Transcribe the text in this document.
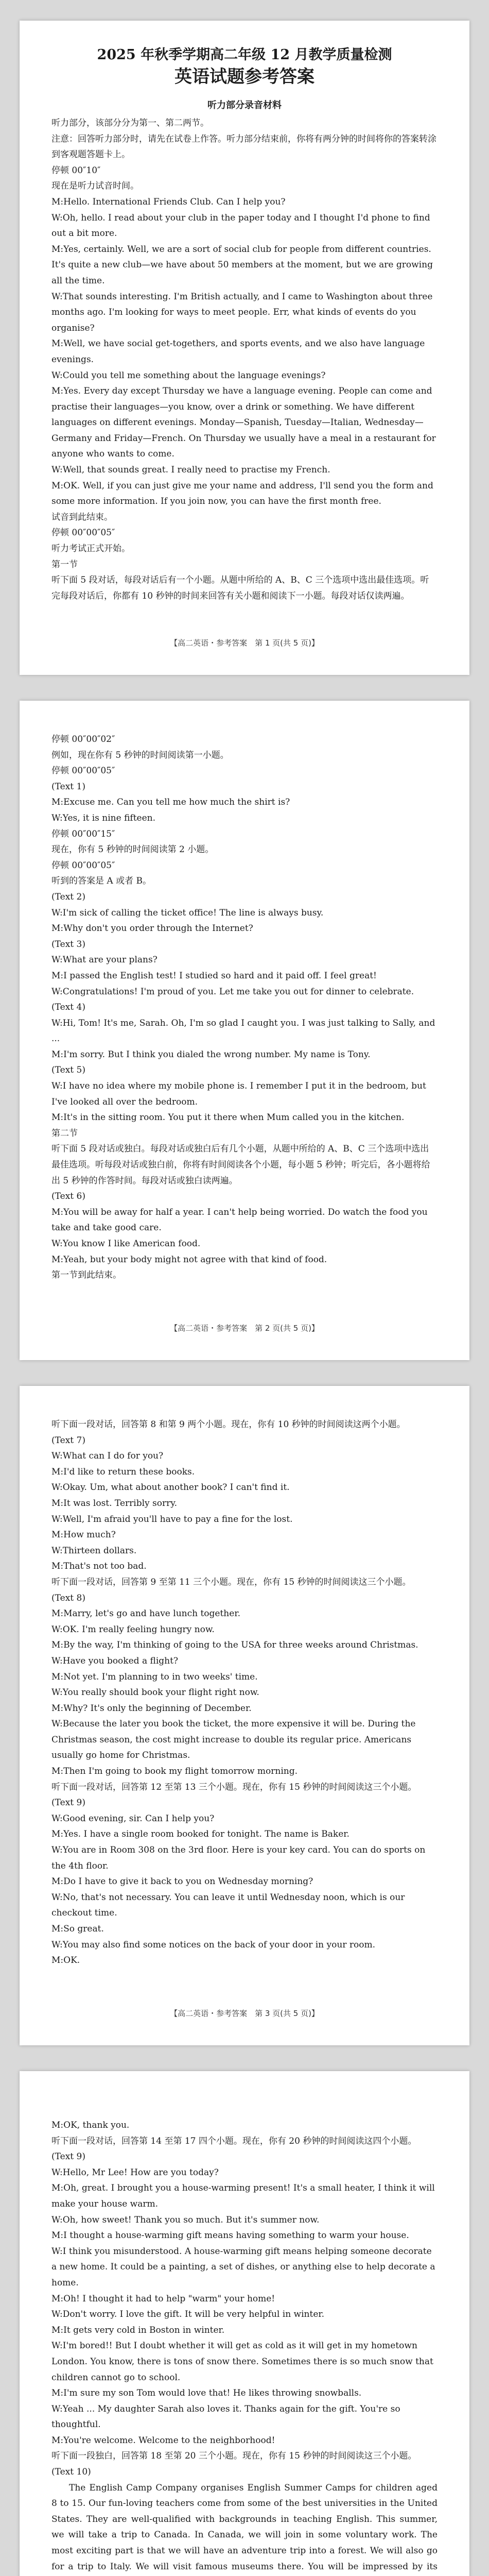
2025 年秋季学期高二年级 12 月教学质量检测
英语试题参考答案
听力部分录音材料

听力部分，该部分分为第一、第二两节。

注意：回答听力部分时，请先在试卷上作答。听力部分结束前，你将有两分钟的时间将你的答案转涂到客观题答题卡上。

停顿 00″10″

现在是听力试音时间。

M:Hello. International Friends Club. Can I help you?

W:Oh, hello. I read about your club in the paper today and I thought I'd phone to find out a bit more.

M:Yes, certainly. Well, we are a sort of social club for people from different countries. It's quite a new club—we have about 50 members at the moment, but we are growing all the time.

W:That sounds interesting. I'm British actually, and I came to Washington about three months ago. I'm looking for ways to meet people. Err, what kinds of events do you organise?

M:Well, we have social get-togethers, and sports events, and we also have language evenings.

W:Could you tell me something about the language evenings?

M:Yes. Every day except Thursday we have a language evening. People can come and practise their languages—you know, over a drink or something. We have different languages on different evenings. Monday—Spanish, Tuesday—Italian, Wednesday—Germany and Friday—French. On Thursday we usually have a meal in a restaurant for anyone who wants to come.

W:Well, that sounds great. I really need to practise my French.

M:OK. Well, if you can just give me your name and address, I'll send you the form and some more information. If you join now, you can have the first month free.

试音到此结束。

停顿 00″00″05″

听力考试正式开始。

第一节

听下面 5 段对话，每段对话后有一个小题。从题中所给的 A、B、C 三个选项中选出最佳选项。听完每段对话后，你都有 10 秒钟的时间来回答有关小题和阅读下一小题。每段对话仅读两遍。

【高二英语・参考答案　第 1 页(共 5 页)】

停顿 00″00″02″

例如，现在你有 5 秒钟的时间阅读第一小题。

停顿 00″00″05″

(Text 1)

M:Excuse me. Can you tell me how much the shirt is?

W:Yes, it is nine fifteen.

停顿 00″00″15″

现在，你有 5 秒钟的时间阅读第 2 小题。

停顿 00″00″05″

听到的答案是 A 或者 B。

(Text 2)

W:I'm sick of calling the ticket office! The line is always busy.

M:Why don't you order through the Internet?

(Text 3)

W:What are your plans?

M:I passed the English test! I studied so hard and it paid off. I feel great!

W:Congratulations! I'm proud of you. Let me take you out for dinner to celebrate.

(Text 4)

W:Hi, Tom! It's me, Sarah. Oh, I'm so glad I caught you. I was just talking to Sally, and ...

M:I'm sorry. But I think you dialed the wrong number. My name is Tony.

(Text 5)

W:I have no idea where my mobile phone is. I remember I put it in the bedroom, but I've looked all over the bedroom.

M:It's in the sitting room. You put it there when Mum called you in the kitchen.

第二节

听下面 5 段对话或独白。每段对话或独白后有几个小题，从题中所给的 A、B、C 三个选项中选出最佳选项。听每段对话或独白前，你将有时间阅读各个小题，每小题 5 秒钟；听完后，各小题将给出 5 秒钟的作答时间。每段对话或独白读两遍。

(Text 6)

M:You will be away for half a year. I can't help being worried. Do watch the food you take and take good care.

W:You know I like American food.

M:Yeah, but your body might not agree with that kind of food.

第一节到此结束。

【高二英语・参考答案　第 2 页(共 5 页)】

听下面一段对话，回答第 8 和第 9 两个小题。现在，你有 10 秒钟的时间阅读这两个小题。

(Text 7)

W:What can I do for you?

M:I'd like to return these books.

W:Okay. Um, what about another book? I can't find it.

M:It was lost. Terribly sorry.

W:Well, I'm afraid you'll have to pay a fine for the lost.

M:How much?

W:Thirteen dollars.

M:That's not too bad.

听下面一段对话，回答第 9 至第 11 三个小题。现在，你有 15 秒钟的时间阅读这三个小题。

(Text 8)

M:Marry, let's go and have lunch together.

W:OK. I'm really feeling hungry now.

M:By the way, I'm thinking of going to the USA for three weeks around Christmas.

W:Have you booked a flight?

M:Not yet. I'm planning to in two weeks' time.

W:You really should book your flight right now.

M:Why? It's only the beginning of December.

W:Because the later you book the ticket, the more expensive it will be. During the Christmas season, the cost might increase to double its regular price. Americans usually go home for Christmas.

M:Then I'm going to book my flight tomorrow morning.

听下面一段对话，回答第 12 至第 13 三个小题。现在，你有 15 秒钟的时间阅读这三个小题。

(Text 9)

W:Good evening, sir. Can I help you?

M:Yes. I have a single room booked for tonight. The name is Baker.

W:You are in Room 308 on the 3rd floor. Here is your key card. You can do sports on the 4th floor.

M:Do I have to give it back to you on Wednesday morning?

W:No, that's not necessary. You can leave it until Wednesday noon, which is our checkout time.

M:So great.

W:You may also find some notices on the back of your door in your room.

M:OK.

【高二英语・参考答案　第 3 页(共 5 页)】

M:OK, thank you.

听下面一段对话，回答第 14 至第 17 四个小题。现在，你有 20 秒钟的时间阅读这四个小题。

(Text 9)

W:Hello, Mr Lee! How are you today?

M:Oh, great. I brought you a house-warming present! It's a small heater, I think it will make your house warm.

W:Oh, how sweet! Thank you so much. But it's summer now.

M:I thought a house-warming gift means having something to warm your house.

W:I think you misunderstood. A house-warming gift means helping someone decorate a new home. It could be a painting, a set of dishes, or anything else to help decorate a home.

M:Oh! I thought it had to help "warm" your home!

W:Don't worry. I love the gift. It will be very helpful in winter.

M:It gets very cold in Boston in winter.

W:I'm bored!! But I doubt whether it will get as cold as it will get in my hometown London. You know, there is tons of snow there. Sometimes there is so much snow that children cannot go to school.

M:I'm sure my son Tom would love that! He likes throwing snowballs.

W:Yeah ... My daughter Sarah also loves it. Thanks again for the gift. You're so thoughtful.

M:You're welcome. Welcome to the neighborhood!

听下面一段独白，回答第 18 至第 20 三个小题。现在，你有 15 秒钟的时间阅读这三个小题。

(Text 10)

The English Camp Company organises English Summer Camps for children aged 8 to 15. Our fun-loving teachers come from some of the best universities in the United States. They are well-qualified with backgrounds in teaching English. This summer, we will take a trip to Canada. In Canada, we will join in some voluntary work. The most exciting part is that we will have an adventure trip into a forest. We will also go for a trip to Italy. We will visit famous museums there. You will be impressed by its
